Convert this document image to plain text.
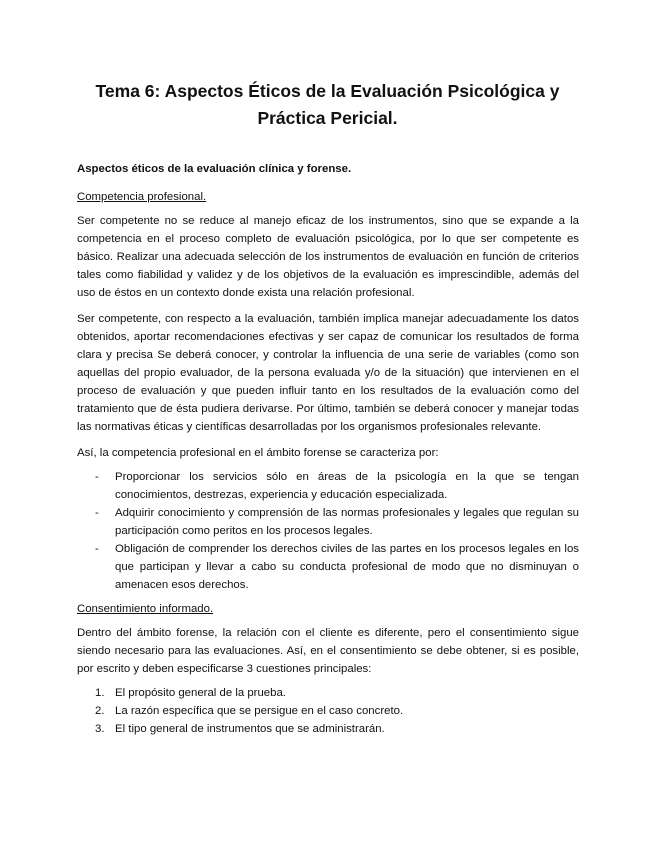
Tema 6: Aspectos Éticos de la Evaluación Psicológica y Práctica Pericial.

Aspectos éticos de la evaluación clínica y forense.

Competencia profesional.

Ser competente no se reduce al manejo eficaz de los instrumentos, sino que se expande a la competencia en el proceso completo de evaluación psicológica, por lo que ser competente es básico. Realizar una adecuada selección de los instrumentos de evaluación en función de criterios tales como fiabilidad y validez y de los objetivos de la evaluación es imprescindible, además del uso de éstos en un contexto donde exista una relación profesional.

Ser competente, con respecto a la evaluación, también implica manejar adecuadamente los datos obtenidos, aportar recomendaciones efectivas y ser capaz de comunicar los resultados de forma clara y precisa Se deberá conocer, y controlar la influencia de una serie de variables (como son aquellas del propio evaluador, de la persona evaluada y/o de la situación) que intervienen en el proceso de evaluación y que pueden influir tanto en los resultados de la evaluación como del tratamiento que de ésta pudiera derivarse. Por último, también se deberá conocer y manejar todas las normativas éticas y científicas desarrolladas por los organismos profesionales relevante.

Así, la competencia profesional en el ámbito forense se caracteriza por:

- Proporcionar los servicios sólo en áreas de la psicología en la que se tengan conocimientos, destrezas, experiencia y educación especializada.
- Adquirir conocimiento y comprensión de las normas profesionales y legales que regulan su participación como peritos en los procesos legales.
- Obligación de comprender los derechos civiles de las partes en los procesos legales en los que participan y llevar a cabo su conducta profesional de modo que no disminuyan o amenacen esos derechos.

Consentimiento informado.

Dentro del ámbito forense, la relación con el cliente es diferente, pero el consentimiento sigue siendo necesario para las evaluaciones. Así, en el consentimiento se debe obtener, si es posible, por escrito y deben especificarse 3 cuestiones principales:

1. El propósito general de la prueba.
2. La razón específica que se persigue en el caso concreto.
3. El tipo general de instrumentos que se administrarán.
